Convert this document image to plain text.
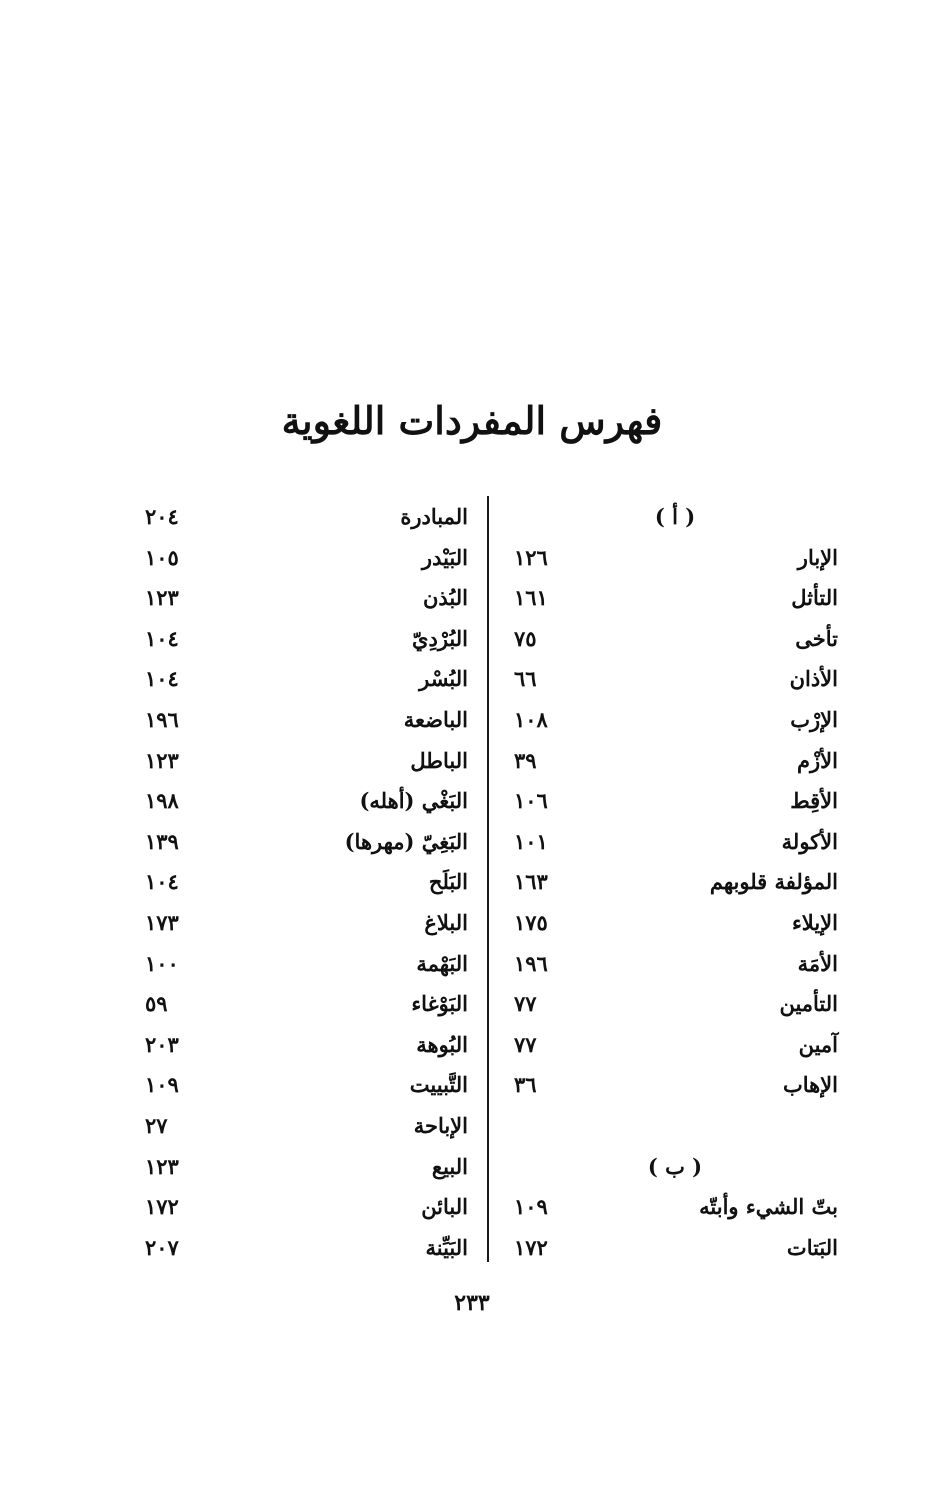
فهرس المفردات اللغوية
( أ )
( ب )
الإبار
١٢٦
التأثل
١٦١
تأخى
٧٥
الأذان
٦٦
الإرْب
١٠٨
الأزْم
٣٩
الأقِط
١٠٦
الأكولة
١٠١
المؤلفة قلوبهم
١٦٣
الإيلاء
١٧٥
الأمَة
١٩٦
التأمين
٧٧
آمين
٧٧
الإهاب
٣٦
بتّ الشيء وأبتّه
١٠٩
البَتات
١٧٢
المبادرة
٢٠٤
البَيْدر
١٠٥
البُذن
١٢٣
البُرْدِيّ
١٠٤
البُسْر
١٠٤
الباضعة
١٩٦
الباطل
١٢٣
البَغْي (أهله)
١٩٨
البَغِيّ (مهرها)
١٣٩
البَلَح
١٠٤
البلاغ
١٧٣
البَهْمة
١٠٠
البَوْغاء
٥٩
البُوهة
٢٠٣
التَّبييت
١٠٩
الإباحة
٢٧
البيع
١٢٣
البائن
١٧٢
البَيِّنة
٢٠٧
٢٣٣
